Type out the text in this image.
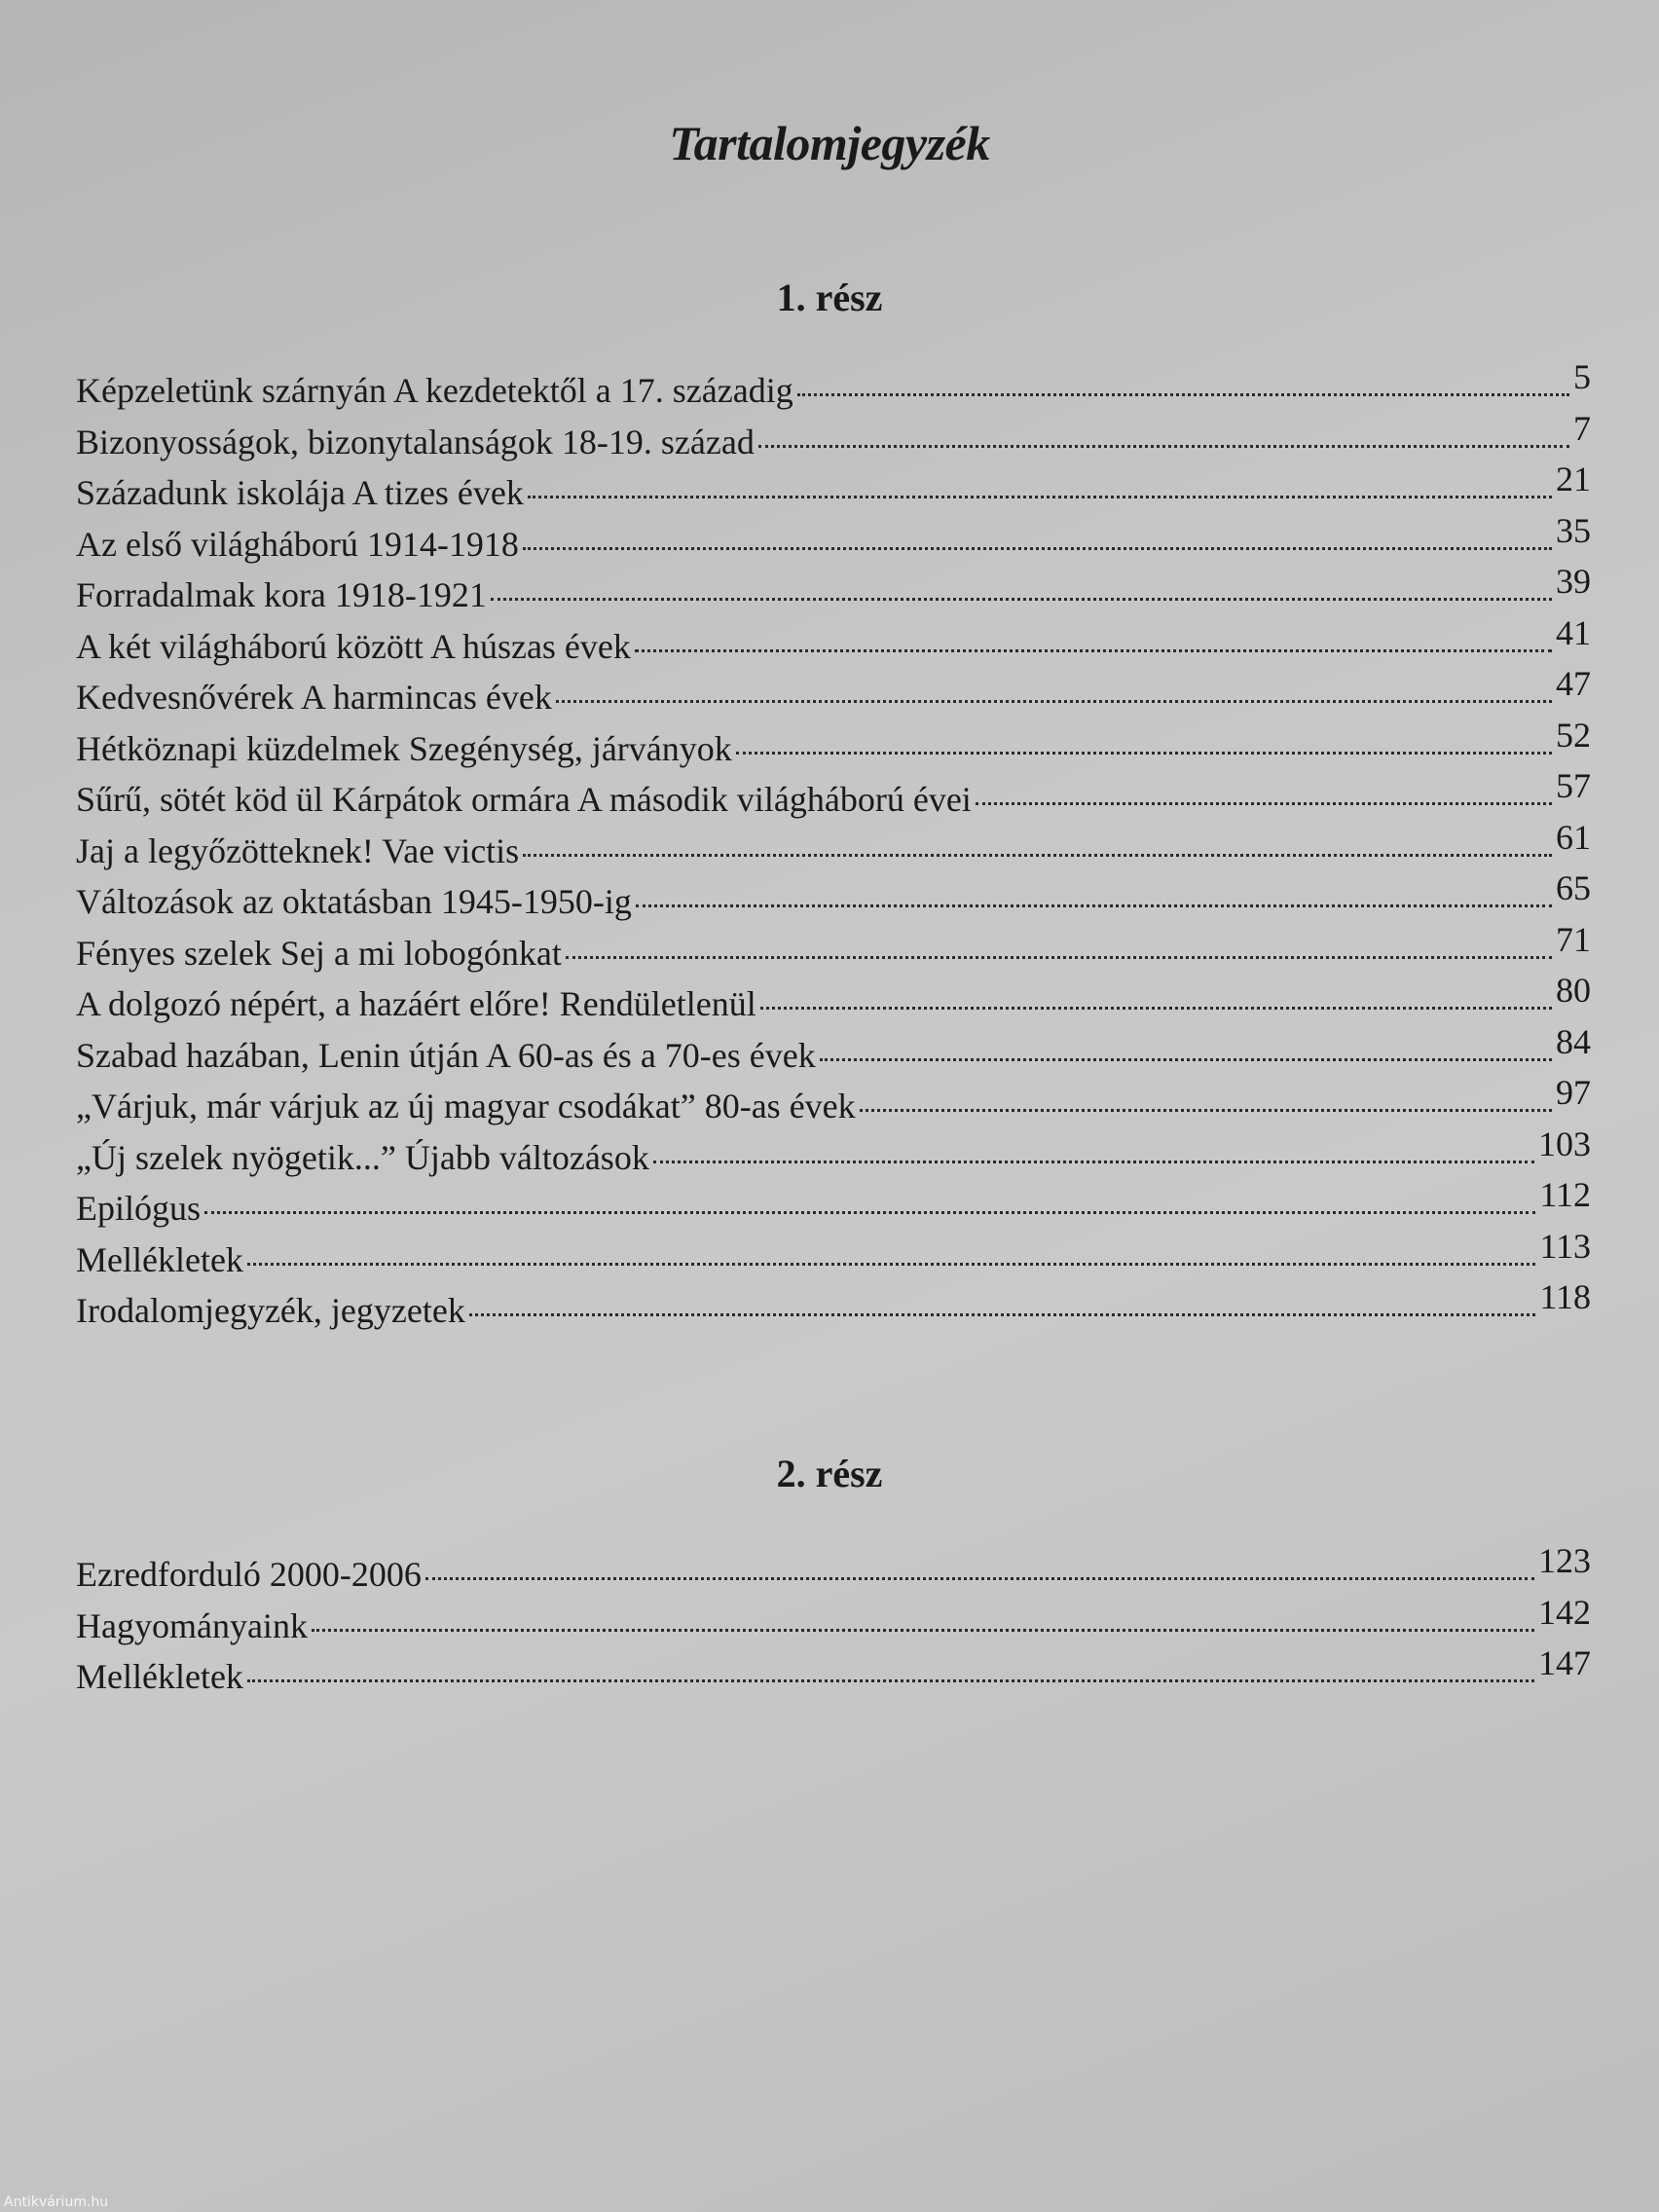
Tartalomjegyzék
1. rész
Képzeletünk szárnyán A kezdetektől a 17. századig	5
Bizonyosságok, bizonytalanságok 18-19. század	7
Századunk iskolája A tizes évek	21
Az első világháború 1914-1918	35
Forradalmak kora 1918-1921	39
A két világháború között A húszas évek	41
Kedvesnővérek A harmincas évek	47
Hétköznapi küzdelmek Szegénység, járványok	52
Sűrű, sötét köd ül Kárpátok ormára A második világháború évei	57
Jaj a legyőzötteknek! Vae victis	61
Változások az oktatásban 1945-1950-ig	65
Fényes szelek Sej a mi lobogónkat	71
A dolgozó népért, a hazáért előre! Rendületlenül	80
Szabad hazában, Lenin útján A 60-as és a 70-es évek	84
„Várjuk, már várjuk az új magyar csodákat” 80-as évek	97
„Új szelek nyögetik...” Újabb változások	103
Epilógus	112
Mellékletek	113
Irodalomjegyzék, jegyzetek	118
2. rész
Ezredforduló 2000-2006	123
Hagyományaink	142
Mellékletek	147
Antikvárium.hu
